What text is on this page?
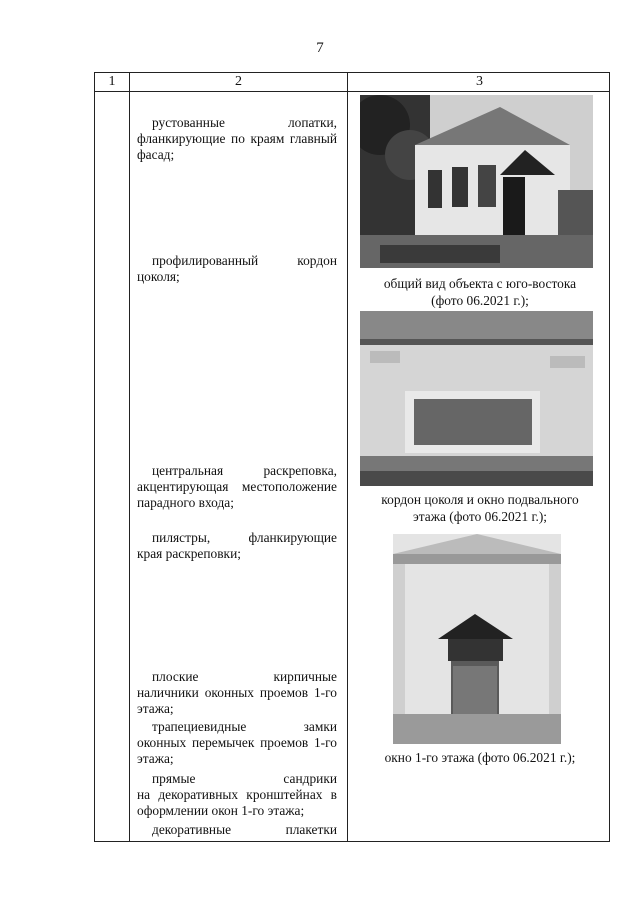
7
1	2	3
рустованные лопатки,
фланкирующие по краям главный фасад;
профилированный кордон
цоколя;
центральная раскреповка,
акцентирующая местоположение парадного входа;
пилястры, фланкирующие
края раскреповки;
плоские кирпичные
наличники оконных проемов 1-го этажа;
трапециевидные замки
оконных перемычек проемов 1-го этажа;
прямые сандрики
на декоративных кронштейнах в оформлении окон 1-го этажа;
декоративные плакетки
общий вид объекта с юго-востока
(фото 06.2021 г.);
кордон цоколя и окно подвального
этажа (фото 06.2021 г.);
окно 1-го этажа (фото 06.2021 г.);
